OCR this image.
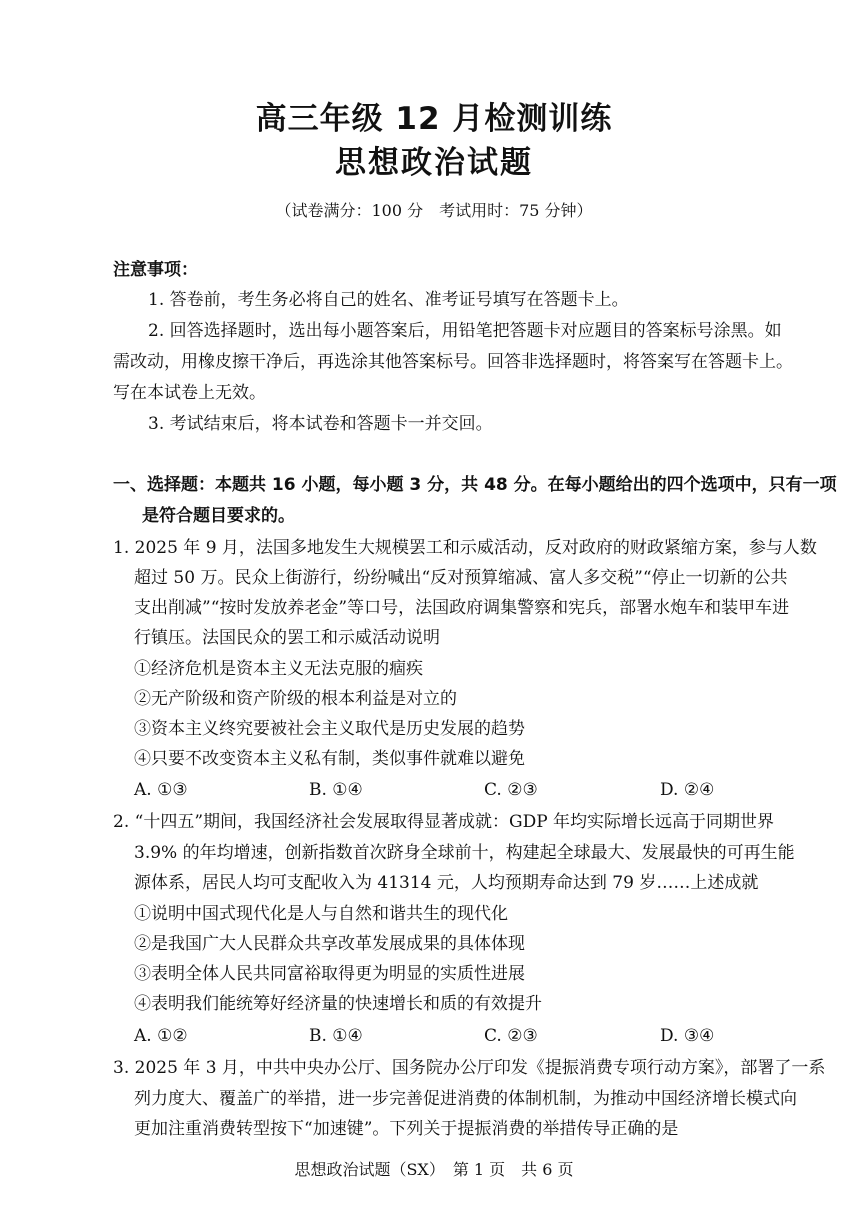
高三年级 12 月检测训练
思想政治试题
（试卷满分：100 分　考试用时：75 分钟）
注意事项：
1. 答卷前，考生务必将自己的姓名、准考证号填写在答题卡上。
2. 回答选择题时，选出每小题答案后，用铅笔把答题卡对应题目的答案标号涂黑。如
需改动，用橡皮擦干净后，再选涂其他答案标号。回答非选择题时，将答案写在答题卡上。
写在本试卷上无效。
3. 考试结束后，将本试卷和答题卡一并交回。
一、选择题：本题共 16 小题，每小题 3 分，共 48 分。在每小题给出的四个选项中，只有一项
是符合题目要求的。
1. 2025 年 9 月，法国多地发生大规模罢工和示威活动，反对政府的财政紧缩方案，参与人数
超过 50 万。民众上街游行，纷纷喊出“反对预算缩减、富人多交税”“停止一切新的公共
支出削减”“按时发放养老金”等口号，法国政府调集警察和宪兵，部署水炮车和装甲车进
行镇压。法国民众的罢工和示威活动说明
①经济危机是资本主义无法克服的痼疾
②无产阶级和资产阶级的根本利益是对立的
③资本主义终究要被社会主义取代是历史发展的趋势
④只要不改变资本主义私有制，类似事件就难以避免
A. ①③	B. ①④	C. ②③	D. ②④
2. “十四五”期间，我国经济社会发展取得显著成就：GDP 年均实际增长远高于同期世界
3.9% 的年均增速，创新指数首次跻身全球前十，构建起全球最大、发展最快的可再生能
源体系，居民人均可支配收入为 41314 元，人均预期寿命达到 79 岁……上述成就
①说明中国式现代化是人与自然和谐共生的现代化
②是我国广大人民群众共享改革发展成果的具体体现
③表明全体人民共同富裕取得更为明显的实质性进展
④表明我们能统筹好经济量的快速增长和质的有效提升
A. ①②	B. ①④	C. ②③	D. ③④
3. 2025 年 3 月，中共中央办公厅、国务院办公厅印发《提振消费专项行动方案》，部署了一系
列力度大、覆盖广的举措，进一步完善促进消费的体制机制，为推动中国经济增长模式向
更加注重消费转型按下“加速键”。下列关于提振消费的举措传导正确的是
思想政治试题（SX）　第 1 页　共 6 页
